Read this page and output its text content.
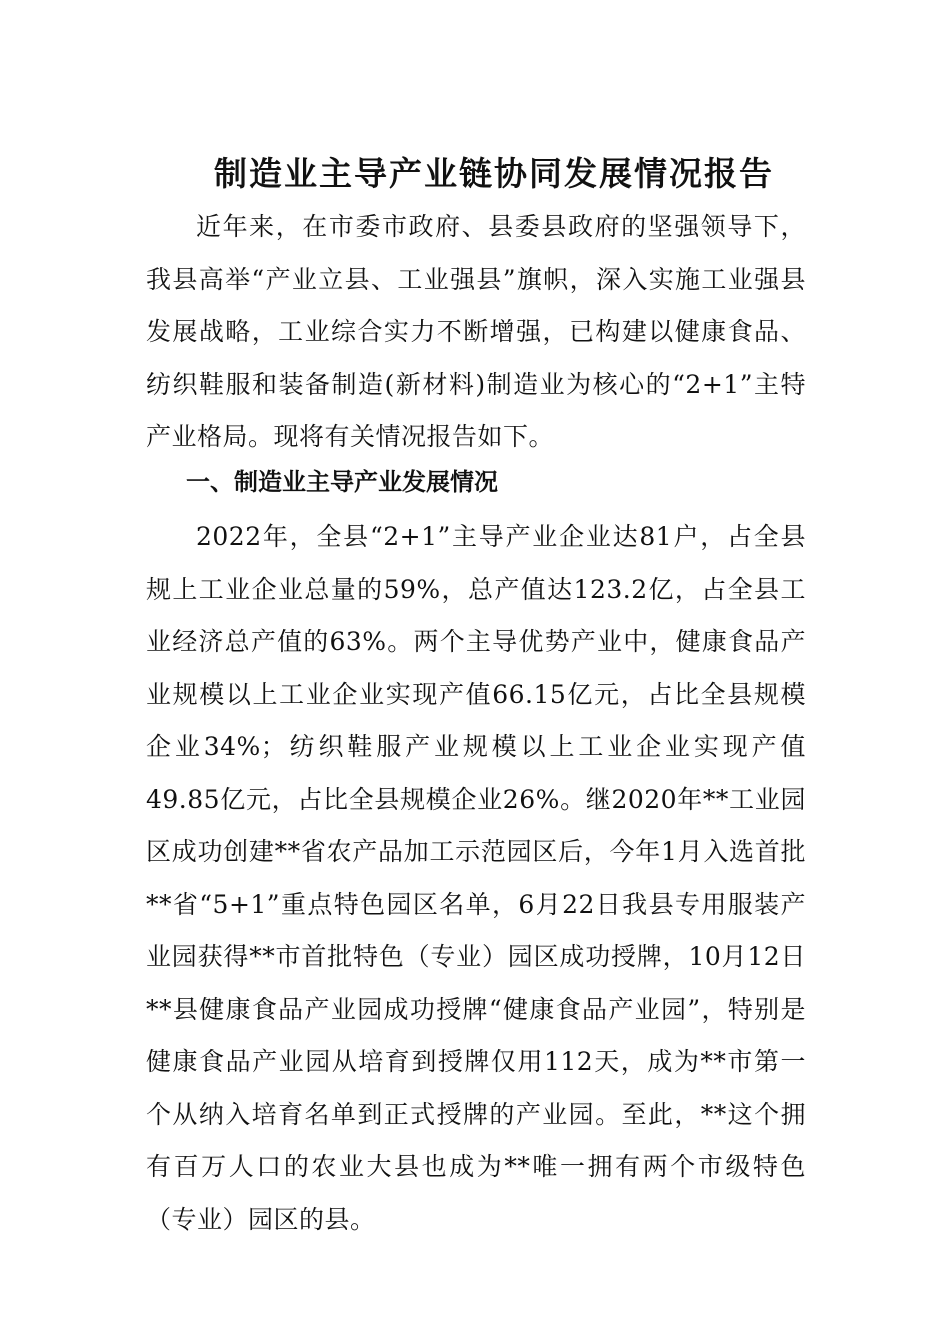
制造业主导产业链协同发展情况报告

近年来，在市委市政府、县委县政府的坚强领导下，我县高举“产业立县、工业强县”旗帜，深入实施工业强县发展战略，工业综合实力不断增强，已构建以健康食品、纺织鞋服和装备制造(新材料)制造业为核心的“2+1”主特产业格局。现将有关情况报告如下。

一、制造业主导产业发展情况

2022年，全县“2+1”主导产业企业达81户，占全县规上工业企业总量的59%，总产值达123.2亿，占全县工业经济总产值的63%。两个主导优势产业中，健康食品产业规模以上工业企业实现产值66.15亿元，占比全县规模企业34%；纺织鞋服产业规模以上工业企业实现产值49.85亿元，占比全县规模企业26%。继2020年**工业园区成功创建**省农产品加工示范园区后，今年1月入选首批**省“5+1”重点特色园区名单，6月22日我县专用服装产业园获得**市首批特色（专业）园区成功授牌，10月12日**县健康食品产业园成功授牌“健康食品产业园”，特别是健康食品产业园从培育到授牌仅用112天，成为**市第一个从纳入培育名单到正式授牌的产业园。至此，**这个拥有百万人口的农业大县也成为**唯一拥有两个市级特色（专业）园区的县。
